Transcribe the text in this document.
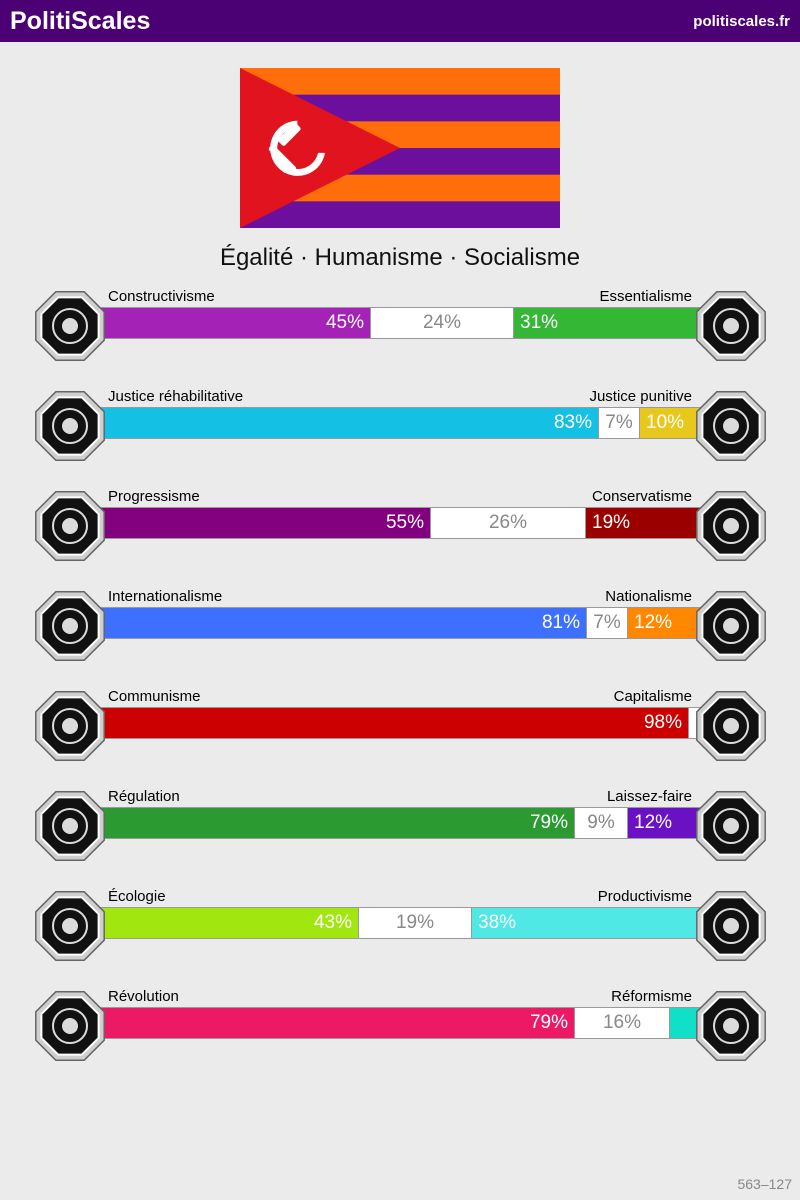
PolitiScales	politiscales.fr
Égalité · Humanisme · Socialisme
Constructivisme	Essentialisme
45%	24%	31%
Justice réhabilitative	Justice punitive
83% 7% 10%
Progressisme	Conservatisme
55%	26%	19%
Internationalisme	Nationalisme
81% 7% 12%
Communisme	Capitalisme
98%
Régulation	Laissez-faire
79%	9%	12%
Écologie	Productivisme
43%	19%	38%
Révolution	Réformisme
79%	16%
563–127
